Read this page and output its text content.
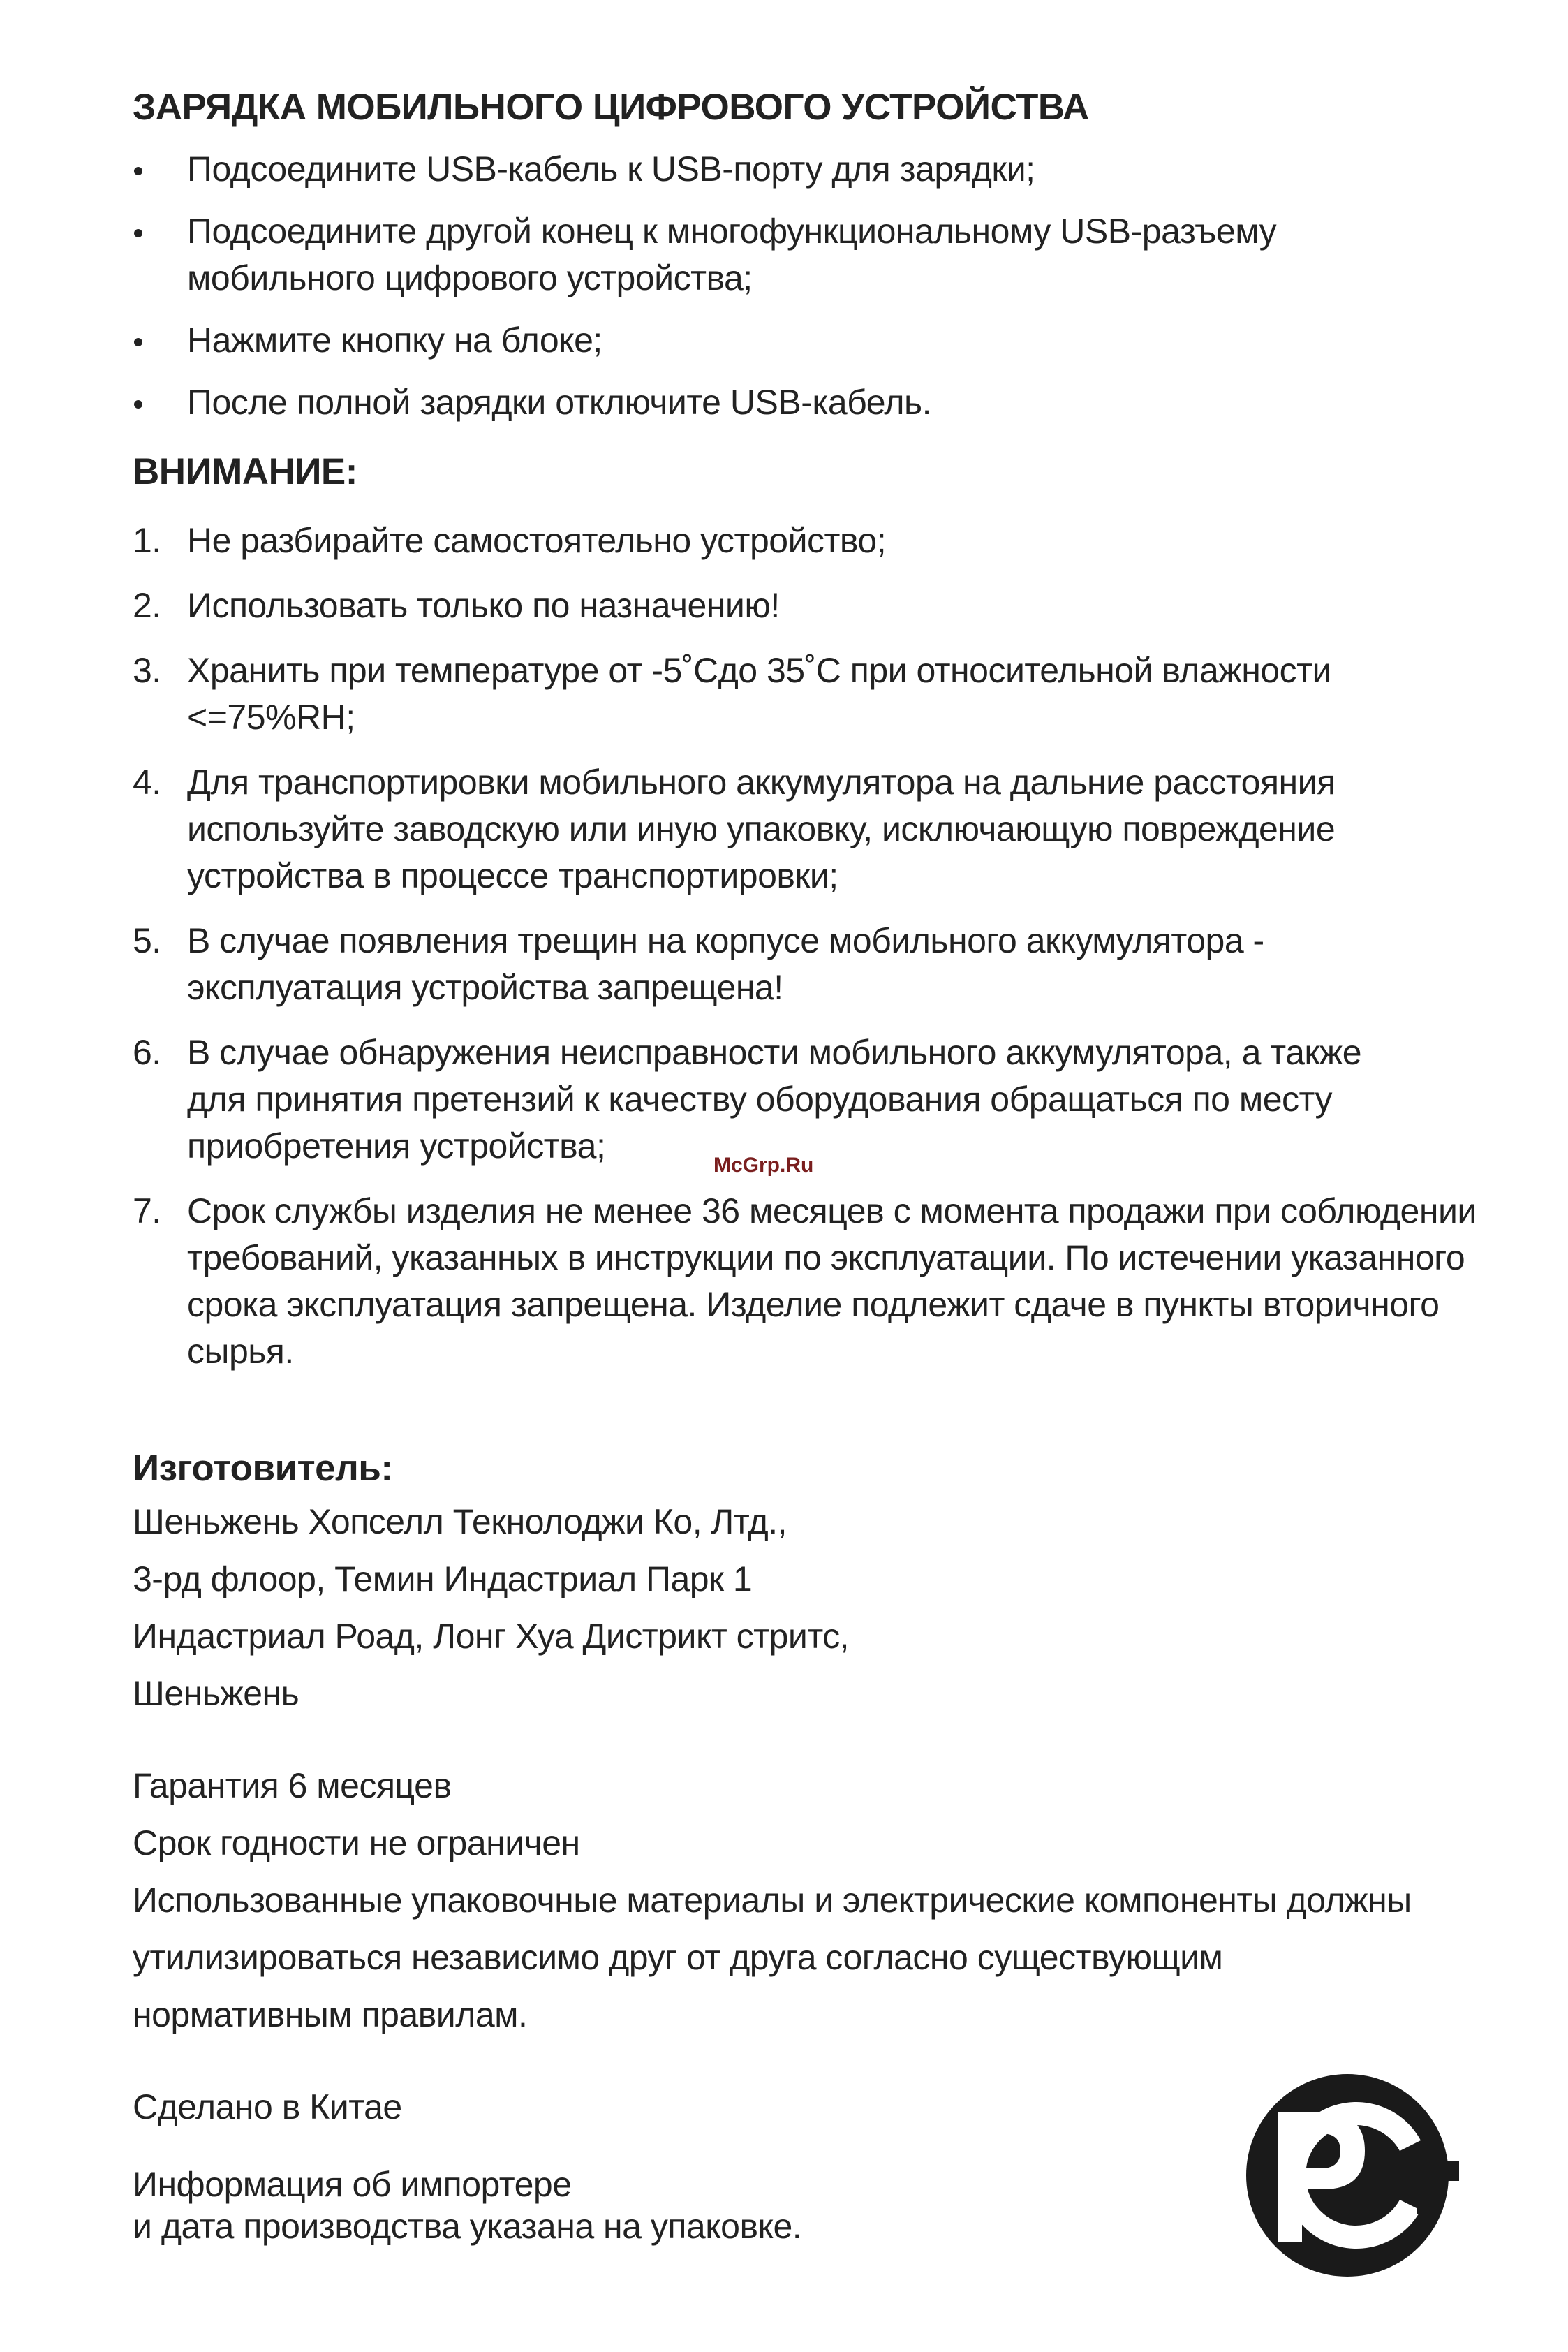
ЗАРЯДКА МОБИЛЬНОГО ЦИФРОВОГО УСТРОЙСТВА
Подсоедините USB-кабель к USB-порту для зарядки;
Подсоедините другой конец к многофункциональному USB-разъему мобильного цифрового устройства;
Нажмите кнопку на блоке;
После полной зарядки отключите USB-кабель.
ВНИМАНИЕ:
1. Не разбирайте самостоятельно устройство;
2. Использовать только по назначению!
3. Хранить при температуре от -5˚Cдо 35˚C при относительной влажности <=75%RH;
4. Для транспортировки мобильного аккумулятора на дальние расстояния используйте заводскую или иную упаковку, исключающую повреждение устройства в процессе транспортировки;
5. В случае появления трещин на корпусе мобильного аккумулятора - эксплуатация устройства запрещена!
6. В случае обнаружения неисправности мобильного аккумулятора, а также для принятия претензий к качеству оборудования обращаться по месту приобретения устройства;
7. Срок службы изделия не менее 36 месяцев с момента продажи при соблюдении требований, указанных в инструкции по эксплуатации. По истечении указанного срока эксплуатация запрещена. Изделие подлежит сдаче в пункты вторичного сырья.
Изготовитель:

Шеньжень Хопселл Текнолоджи Ко, Лтд.,

3-рд флоор, Темин Индастриал Парк 1

Индастриал Роад, Лонг Хуа Дистрикт стритс,

Шеньжень

Гарантия 6 месяцев

Срок годности не ограничен

Использованные упаковочные материалы и электрические компоненты должны утилизироваться независимо друг от друга согласно существующим нормативным правилам.

Сделано в Китае

Информация об импортере

и дата производства указана на упаковке.

McGrp.Ru
